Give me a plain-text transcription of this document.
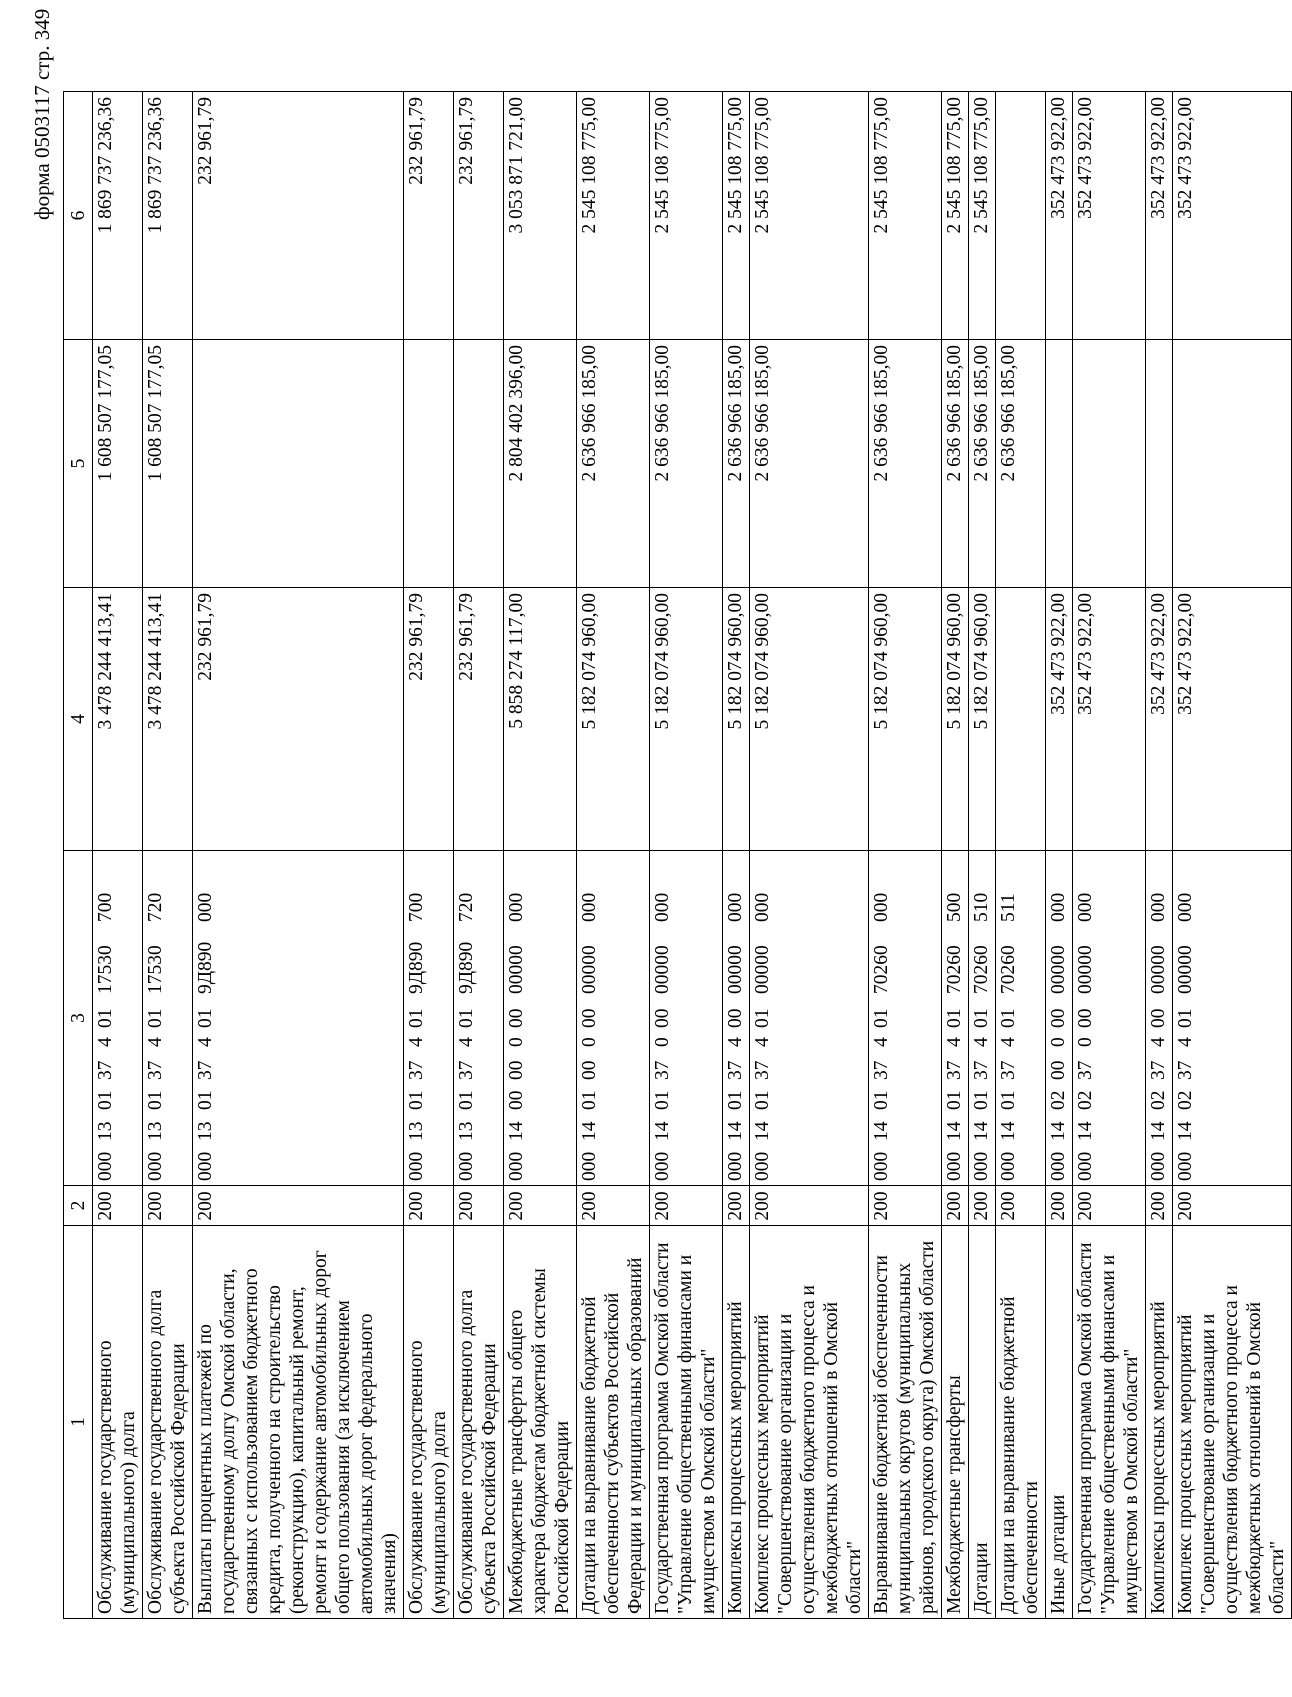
форма 0503117 стр. 349
1	2	3	4	5	6
Обслуживание государственного (муниципального) долга	200	00013013740117530700	3 478 244 413,41	1 608 507 177,05	1 869 737 236,36
Обслуживание государственного долга субъекта Российской Федерации	200	00013013740117530720	3 478 244 413,41	1 608 507 177,05	1 869 737 236,36
Выплаты процентных платежей по государственному долгу Омской области, связанных с использованием бюджетного кредита, полученного на строительство (реконструкцию), капитальный ремонт, ремонт и содержание автомобильных дорог общего пользования (за исключением автомобильных дорог федерального значения)	200	0001301374019Д890000	232 961,79		232 961,79
Обслуживание государственного (муниципального) долга	200	0001301374019Д890700	232 961,79		232 961,79
Обслуживание государственного долга субъекта Российской Федерации	200	0001301374019Д890720	232 961,79		232 961,79
Межбюджетные трансферты общего характера бюджетам бюджетной системы Российской Федерации	200	00014000000000000000	5 858 274 117,00	2 804 402 396,00	3 053 871 721,00
Дотации на выравнивание бюджетной обеспеченности субъектов Российской Федерации и муниципальных образований	200	00014010000000000000	5 182 074 960,00	2 636 966 185,00	2 545 108 775,00
Государственная программа Омской области "Управление общественными финансами и имуществом в Омской области"	200	00014013700000000000	5 182 074 960,00	2 636 966 185,00	2 545 108 775,00
Комплексы процессных мероприятий	200	00014013740000000000	5 182 074 960,00	2 636 966 185,00	2 545 108 775,00
Комплекс процессных мероприятий "Совершенствование организации и осуществления бюджетного процесса и межбюджетных отношений в Омской области"	200	00014013740100000000	5 182 074 960,00	2 636 966 185,00	2 545 108 775,00
Выравнивание бюджетной обеспеченности муниципальных округов (муниципальных районов, городского округа) Омской области	200	00014013740170260000	5 182 074 960,00	2 636 966 185,00	2 545 108 775,00
Межбюджетные трансферты	200	00014013740170260500	5 182 074 960,00	2 636 966 185,00	2 545 108 775,00
Дотации	200	00014013740170260510	5 182 074 960,00	2 636 966 185,00	2 545 108 775,00
Дотации на выравнивание бюджетной обеспеченности	200	00014013740170260511		2 636 966 185,00	
Иные дотации	200	00014020000000000000	352 473 922,00		352 473 922,00
Государственная программа Омской области "Управление общественными финансами и имуществом в Омской области"	200	00014023700000000000	352 473 922,00		352 473 922,00
Комплексы процессных мероприятий	200	00014023740000000000	352 473 922,00		352 473 922,00
Комплекс процессных мероприятий "Совершенствование организации и осуществления бюджетного процесса и межбюджетных отношений в Омской области"	200	00014023740100000000	352 473 922,00		352 473 922,00
